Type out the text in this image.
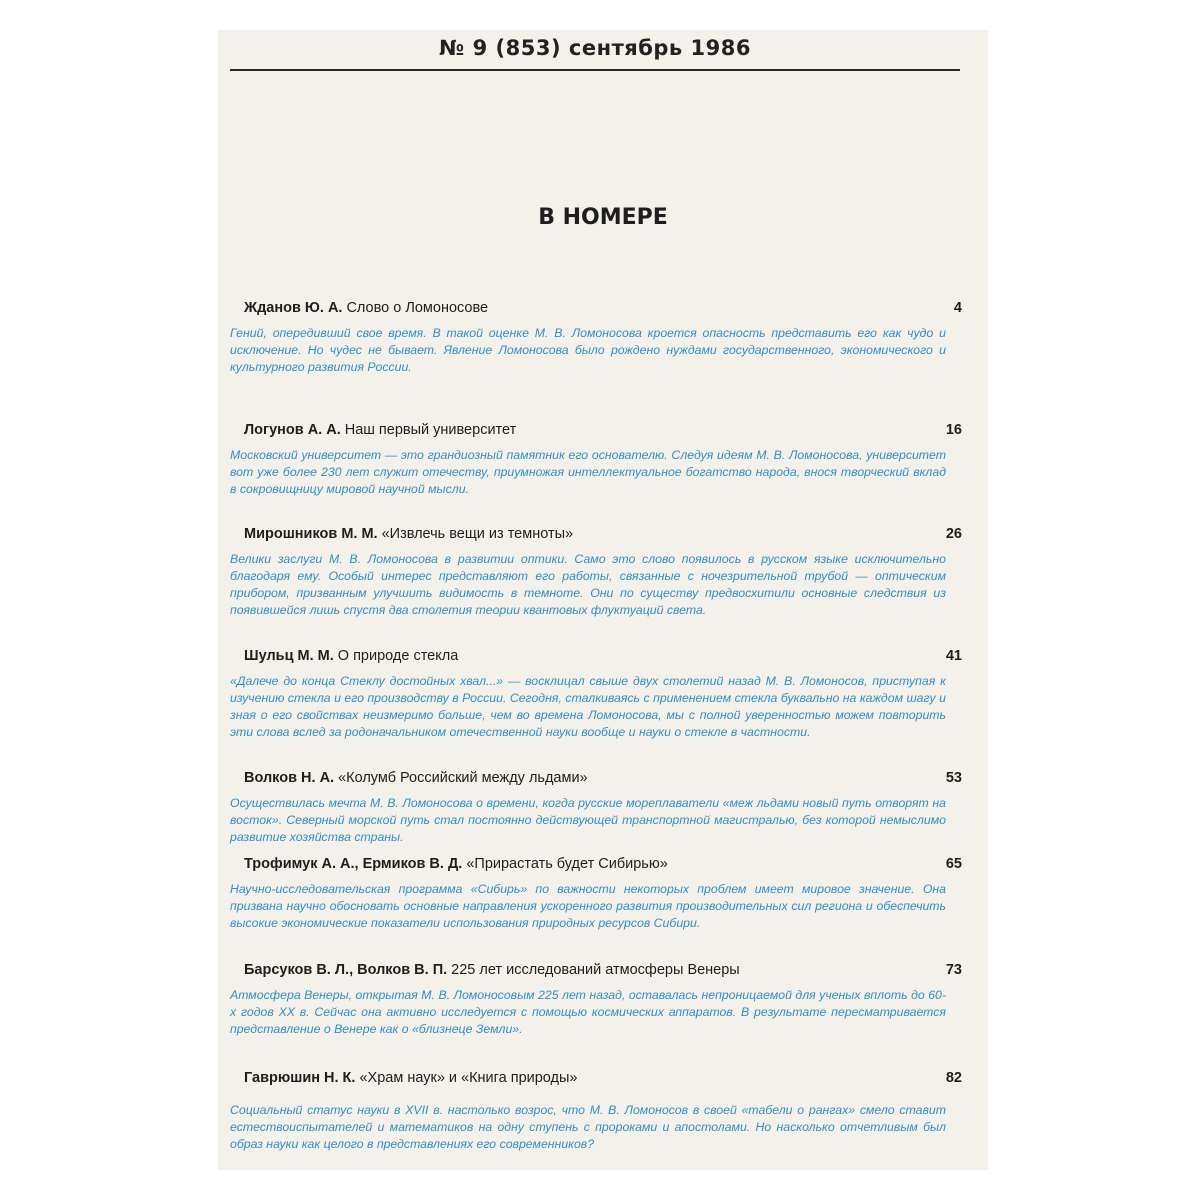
№ 9 (853) сентябрь 1986
В НОМЕРЕ
Жданов Ю. А. Слово о Ломоносове	4
Гений, опередивший свое время. В такой оценке М. В. Ломоносова кроется опасность представить его как чудо и исключение. Но чудес не бывает. Явление Ломоносова было рождено нуждами государственного, экономического и культурного развития России.
Логунов А. А. Наш первый университет	16
Московский университет — это грандиозный памятник его основателю. Следуя идеям М. В. Ломоносова, университет вот уже более 230 лет служит отечеству, приумножая интеллектуальное богатство народа, внося творческий вклад в сокровищницу мировой научной мысли.
Мирошников М. М. «Извлечь вещи из темноты»	26
Велики заслуги М. В. Ломоносова в развитии оптики. Само это слово появилось в русском языке исключительно благодаря ему. Особый интерес представляют его работы, связанные с ночезрительной трубой — оптическим прибором, призванным улучшить видимость в темноте. Они по существу предвосхитили основные следствия из появившейся лишь спустя два столетия теории квантовых флуктуаций света.
Шульц М. М. О природе стекла	41
«Далече до конца Стеклу достойных хвал...» — восклицал свыше двух столетий назад М. В. Ломоносов, приступая к изучению стекла и его производству в России. Сегодня, сталкиваясь с применением стекла буквально на каждом шагу и зная о его свойствах неизмеримо больше, чем во времена Ломоносова, мы с полной уверенностью можем повторить эти слова вслед за родоначальником отечественной науки вообще и науки о стекле в частности.
Волков Н. А. «Колумб Российский между льдами»	53
Осуществилась мечта М. В. Ломоносова о времени, когда русские мореплаватели «меж льдами новый путь отворят на восток». Северный морской путь стал постоянно действующей транспортной магистралью, без которой немыслимо развитие хозяйства страны.
Трофимук А. А., Ермиков В. Д. «Прирастать будет Сибирью»	65
Научно-исследовательская программа «Сибирь» по важности некоторых проблем имеет мировое значение. Она призвана научно обосновать основные направления ускоренного развития производительных сил региона и обеспечить высокие экономические показатели использования природных ресурсов Сибири.
Барсуков В. Л., Волков В. П. 225 лет исследований атмосферы Венеры	73
Атмосфера Венеры, открытая М. В. Ломоносовым 225 лет назад, оставалась непроницаемой для ученых вплоть до 60-х годов XX в. Сейчас она активно исследуется с помощью космических аппаратов. В результате пересматривается представление о Венере как о «близнеце Земли».
Гаврюшин Н. К. «Храм наук» и «Книга природы»	82
Социальный статус науки в XVII в. настолько возрос, что М. В. Ломоносов в своей «табели о рангах» смело ставит естествоиспытателей и математиков на одну ступень с пророками и апостолами. Но насколько отчетливым был образ науки как целого в представлениях его современников?
